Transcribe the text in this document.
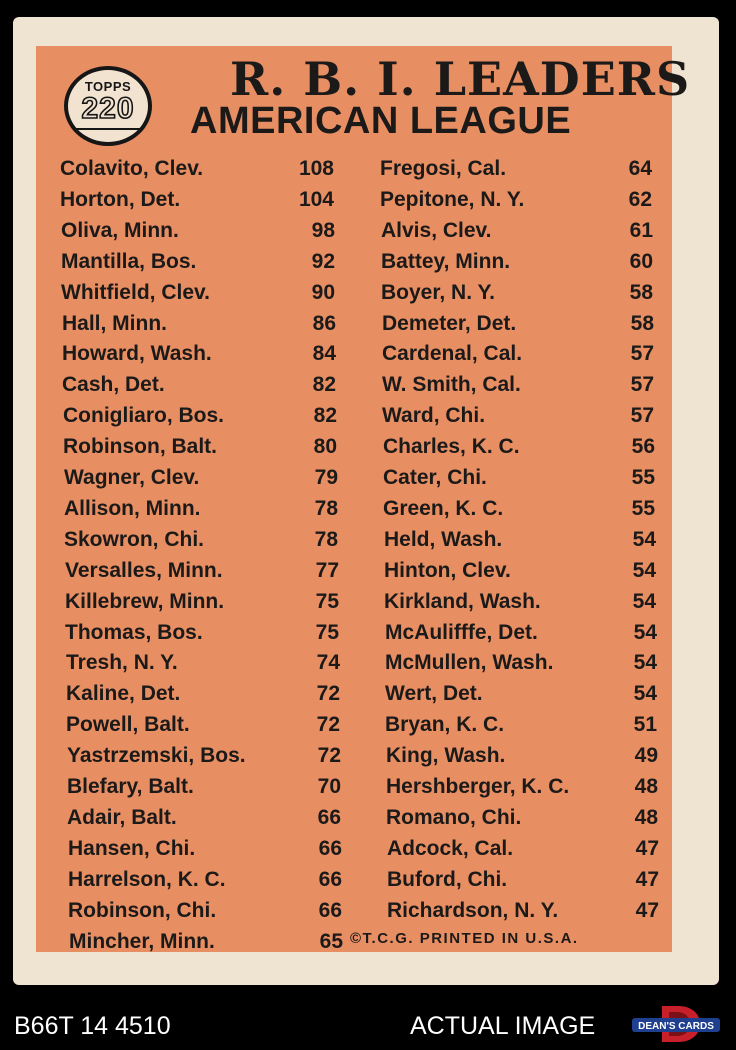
TOPPS
220
R. B. I. LEADERS
AMERICAN LEAGUE
Colavito, Clev.	108
Horton, Det.	104
Oliva, Minn.	98
Mantilla, Bos.	92
Whitfield, Clev.	90
Hall, Minn.	86
Howard, Wash.	84
Cash, Det.	82
Conigliaro, Bos.	82
Robinson, Balt.	80
Wagner, Clev.	79
Allison, Minn.	78
Skowron, Chi.	78
Versalles, Minn.	77
Killebrew, Minn.	75
Thomas, Bos.	75
Tresh, N. Y.	74
Kaline, Det.	72
Powell, Balt.	72
Yastrzemski, Bos.	72
Blefary, Balt.	70
Adair, Balt.	66
Hansen, Chi.	66
Harrelson, K. C.	66
Robinson, Chi.	66
Mincher, Minn.	65
Fregosi, Cal.	64
Pepitone, N. Y.	62
Alvis, Clev.	61
Battey, Minn.	60
Boyer, N. Y.	58
Demeter, Det.	58
Cardenal, Cal.	57
W. Smith, Cal.	57
Ward, Chi.	57
Charles, K. C.	56
Cater, Chi.	55
Green, K. C.	55
Held, Wash.	54
Hinton, Clev.	54
Kirkland, Wash.	54
McAulifffe, Det.	54
McMullen, Wash.	54
Wert, Det.	54
Bryan, K. C.	51
King, Wash.	49
Hershberger, K. C.	48
Romano, Chi.	48
Adcock, Cal.	47
Buford, Chi.	47
Richardson, N. Y.	47
©T.C.G. PRINTED IN U.S.A.
B66T 14 4510	ACTUAL IMAGE	DEAN'S CARDS
